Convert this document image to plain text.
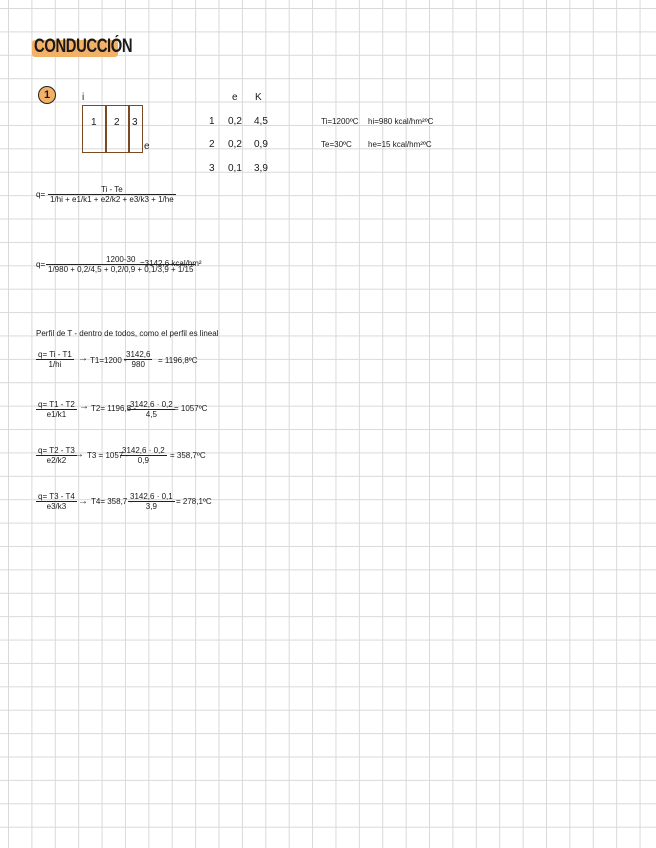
CONDUCCIÓN
1	i
1 2 3
e
e K
1 0,2 4,5
2 0,2 0,9
3 0,1 3,9
Ti=1200ºC hi=980 kcal/hm²ºC
Te=30ºC he=15 kcal/hm²ºC
$q= \frac{Ti - Te}{1/hi + e1/k1 + e2/k2 + e3/k3 + 1/he}$
$q= \frac{1200-30}{1/980 + 0,2/4,5 + 0,2/0,9 + 0,1/3,9 + 1/15}$
=3142,6 kcal/hm²
Perfil de T - dentro de todos, como el perfil es lineal
$\frac{q= Ti - T1}{1/hi} \to T1=1200$ -
$\frac{3142,6}{980}$ = 1196,8ºC
$\frac{q= T1 - T2}{e1/k1} \to T2= 1196,8$ -
$\frac{3142,6 \cdot 0,2}{4,5}$ = 1057ºC
$\frac{q= T2 - T3}{e2/k2}$
→ T3 = 1057 -
$\frac{3142,6 \cdot 0,2}{0,9}$ = 358,7ºC
$\frac{q= T3 - T4}{e3/k3} \to T4= 358,7$ -
$\frac{3142,6 \cdot 0,1}{3,9}$ = 278,1ºC
